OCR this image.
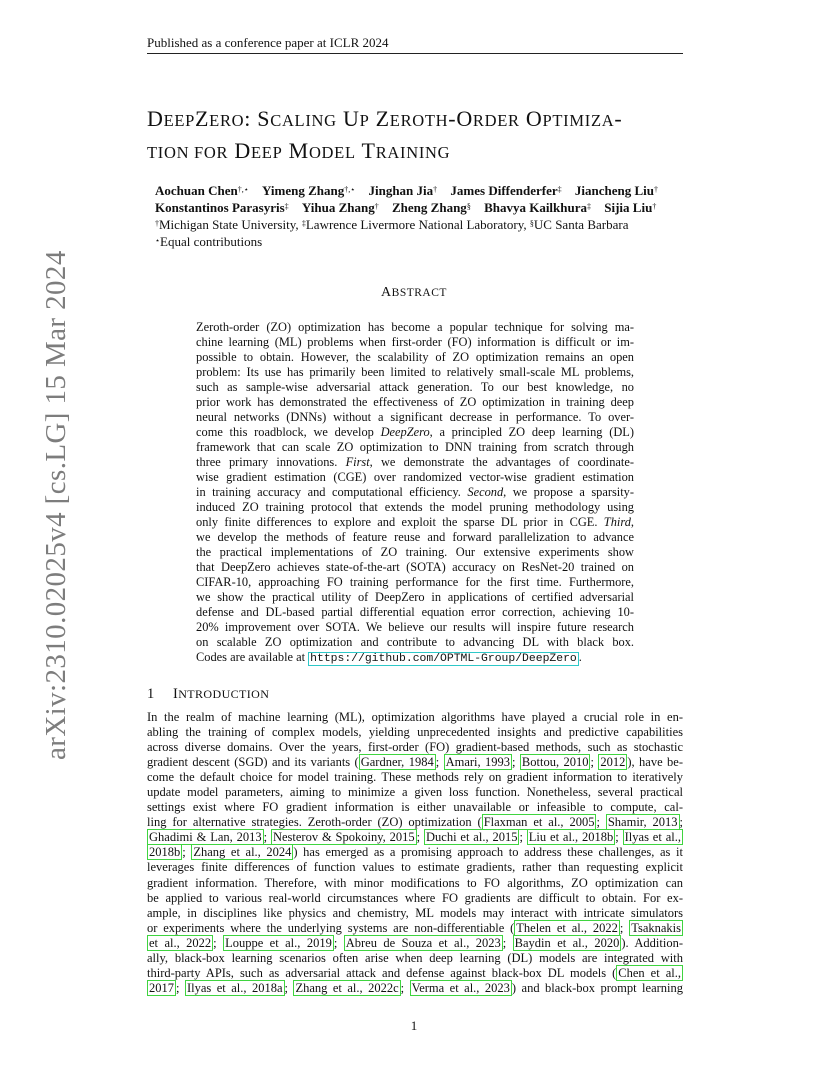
Published as a conference paper at ICLR 2024
arXiv:2310.02025v4 [cs.LG] 15 Mar 2024
DEEPZERO: SCALING UP ZEROTH-ORDER OPTIMIZA-
TION FOR DEEP MODEL TRAINING
Aochuan Chen†,⋆ Yimeng Zhang†,⋆ Jinghan Jia† James Diffenderfer‡ Jiancheng Liu†
Konstantinos Parasyris‡ Yihua Zhang† Zheng Zhang§ Bhavya Kailkhura‡ Sijia Liu†
†Michigan State University, ‡Lawrence Livermore National Laboratory, §UC Santa Barbara
⋆Equal contributions
ABSTRACT
Zeroth-order (ZO) optimization has become a popular technique for solving ma-
chine learning (ML) problems when first-order (FO) information is difficult or im-
possible to obtain. However, the scalability of ZO optimization remains an open
problem: Its use has primarily been limited to relatively small-scale ML problems,
such as sample-wise adversarial attack generation. To our best knowledge, no
prior work has demonstrated the effectiveness of ZO optimization in training deep
neural networks (DNNs) without a significant decrease in performance. To over-
come this roadblock, we develop DeepZero, a principled ZO deep learning (DL)
framework that can scale ZO optimization to DNN training from scratch through
three primary innovations. First, we demonstrate the advantages of coordinate-
wise gradient estimation (CGE) over randomized vector-wise gradient estimation
in training accuracy and computational efficiency. Second, we propose a sparsity-
induced ZO training protocol that extends the model pruning methodology using
only finite differences to explore and exploit the sparse DL prior in CGE. Third,
we develop the methods of feature reuse and forward parallelization to advance
the practical implementations of ZO training. Our extensive experiments show
that DeepZero achieves state-of-the-art (SOTA) accuracy on ResNet-20 trained on
CIFAR-10, approaching FO training performance for the first time. Furthermore,
we show the practical utility of DeepZero in applications of certified adversarial
defense and DL-based partial differential equation error correction, achieving 10-
20% improvement over SOTA. We believe our results will inspire future research
on scalable ZO optimization and contribute to advancing DL with black box.
Codes are available at https://github.com/OPTML-Group/DeepZero .
1 INTRODUCTION
In the realm of machine learning (ML), optimization algorithms have played a crucial role in en-
abling the training of complex models, yielding unprecedented insights and predictive capabilities
across diverse domains. Over the years, first-order (FO) gradient-based methods, such as stochastic
gradient descent (SGD) and its variants ( Gardner, 1984 ; Amari, 1993 ; Bottou, 2010 ; 2012 ), have be-
come the default choice for model training. These methods rely on gradient information to iteratively
update model parameters, aiming to minimize a given loss function. Nonetheless, several practical
settings exist where FO gradient information is either unavailable or infeasible to compute, cal-
ling for alternative strategies. Zeroth-order (ZO) optimization ( Flaxman et al., 2005 ; Shamir, 2013 ;
Ghadimi & Lan, 2013 ; Nesterov & Spokoiny, 2015 ; Duchi et al., 2015 ; Liu et al., 2018b ; Ilyas et al.,
2018b ; Zhang et al., 2024 ) has emerged as a promising approach to address these challenges, as it
leverages finite differences of function values to estimate gradients, rather than requesting explicit
gradient information. Therefore, with minor modifications to FO algorithms, ZO optimization can
be applied to various real-world circumstances where FO gradients are difficult to obtain. For ex-
ample, in disciplines like physics and chemistry, ML models may interact with intricate simulators
or experiments where the underlying systems are non-differentiable ( Thelen et al., 2022 ; Tsaknakis
et al., 2022 ; Louppe et al., 2019 ; Abreu de Souza et al., 2023 ; Baydin et al., 2020 ). Addition-
ally, black-box learning scenarios often arise when deep learning (DL) models are integrated with
third-party APIs, such as adversarial attack and defense against black-box DL models ( Chen et al.,
2017 ; Ilyas et al., 2018a ; Zhang et al., 2022c ; Verma et al., 2023 ) and black-box prompt learning
1
